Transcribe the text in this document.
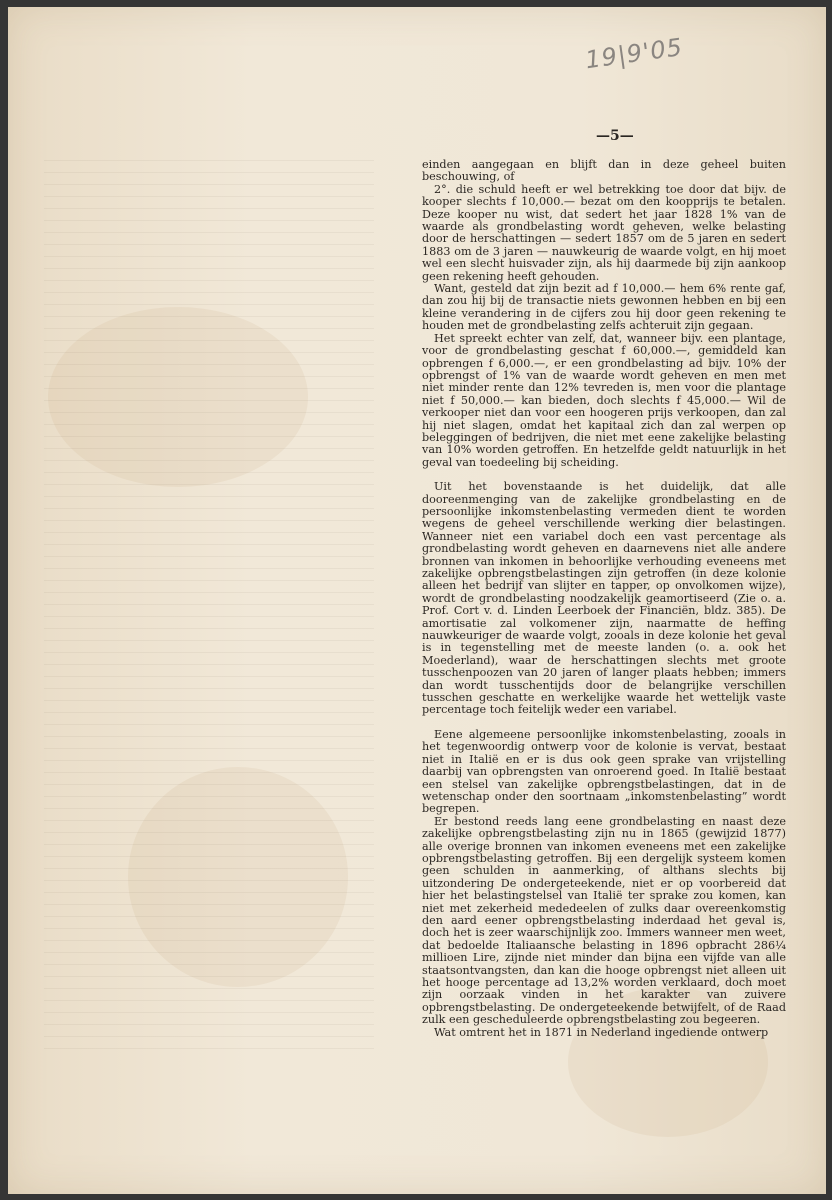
19|9'05
—5—

einden aangegaan en blijft dan in deze geheel buiten beschouwing, of

2°. die schuld heeft er wel betrekking toe door dat bijv. de kooper slechts f 10,000.— bezat om den koopprijs te betalen. Deze kooper nu wist, dat sedert het jaar 1828 1% van de waarde als grondbelasting wordt geheven, welke belasting door de herschattingen — sedert 1857 om de 5 jaren en sedert 1883 om de 3 jaren — nauwkeurig de waarde volgt, en hij moet wel een slecht huisvader zijn, als hij daarmede bij zijn aankoop geen rekening heeft gehouden.

Want, gesteld dat zijn bezit ad f 10,000.— hem 6% rente gaf, dan zou hij bij de transactie niets gewonnen hebben en bij een kleine verandering in de cijfers zou hij door geen rekening te houden met de grondbelasting zelfs achteruit zijn gegaan.

Het spreekt echter van zelf, dat, wanneer bijv. een plantage, voor de grondbelasting geschat f 60,000.—, gemiddeld kan opbrengen f 6,000.—, er een grondbelasting ad bijv. 10% der opbrengst of 1% van de waarde wordt geheven en men met niet minder rente dan 12% tevreden is, men voor die plantage niet f 50,000.— kan bieden, doch slechts f 45,000.— Wil de verkooper niet dan voor een hoogeren prijs verkoopen, dan zal hij niet slagen, omdat het kapitaal zich dan zal werpen op beleggingen of bedrijven, die niet met eene zakelijke belasting van 10% worden getroffen. En hetzelfde geldt natuurlijk in het geval van toedeeling bij scheiding.

Uit het bovenstaande is het duidelijk, dat alle dooreenmenging van de zakelijke grondbelasting en de persoonlijke inkomstenbelasting vermeden dient te worden wegens de geheel verschillende werking dier belastingen. Wanneer niet een variabel doch een vast percentage als grondbelasting wordt geheven en daarnevens niet alle andere bronnen van inkomen in behoorlijke verhouding eveneens met zakelijke opbrengstbelastingen zijn getroffen (in deze kolonie alleen het bedrijf van slijter en tapper, op onvolkomen wijze), wordt de grondbelasting noodzakelijk geamortiseerd (Zie o. a. Prof. Cort v. d. Linden Leerboek der Financiën, bldz. 385). De amortisatie zal volkomener zijn, naarmatte de heffing nauwkeuriger de waarde volgt, zooals in deze kolonie het geval is in tegenstelling met de meeste landen (o. a. ook het Moederland), waar de herschattingen slechts met groote tusschenpoozen van 20 jaren of langer plaats hebben; immers dan wordt tusschentijds door de belangrijke verschillen tusschen geschatte en werkelijke waarde het wettelijk vaste percentage toch feitelijk weder een variabel.

Eene algemeene persoonlijke inkomstenbelasting, zooals in het tegenwoordig ontwerp voor de kolonie is vervat, bestaat niet in Italië en er is dus ook geen sprake van vrijstelling daarbij van opbrengsten van onroerend goed. In Italië bestaat een stelsel van zakelijke opbrengstbelastingen, dat in de wetenschap onder den soortnaam „inkomstenbelasting” wordt begrepen.

Er bestond reeds lang eene grondbelasting en naast deze zakelijke opbrengstbelasting zijn nu in 1865 (gewijzid 1877) alle overige bronnen van inkomen eveneens met een zakelijke opbrengstbelasting getroffen. Bij een dergelijk systeem komen geen schulden in aanmerking, of althans slechts bij uitzondering De ondergeteekende, niet er op voorbereid dat hier het belastingstelsel van Italië ter sprake zou komen, kan niet met zekerheid mededeelen of zulks daar overeenkomstig den aard eener opbrengstbelasting inderdaad het geval is, doch het is zeer waarschijnlijk zoo. Immers wanneer men weet, dat bedoelde Italiaansche belasting in 1896 opbracht 286¼ millioen Lire, zijnde niet minder dan bijna een vijfde van alle staatsontvangsten, dan kan die hooge opbrengst niet alleen uit het hooge percentage ad 13,2% worden verklaard, doch moet zijn oorzaak vinden in het karakter van zuivere opbrengstbelasting. De ondergeteekende betwijfelt, of de Raad zulk een gescheduleerde opbrengstbelasting zou begeeren.

Wat omtrent het in 1871 in Nederland ingediende ontwerp
